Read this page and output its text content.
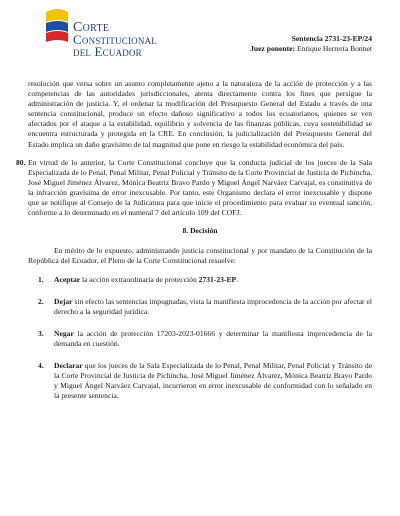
Corte
Constitucional
del Ecuador
Sentencia 2731-23-EP/24
Juez ponente: Enrique Herrería Bonnet

resolución que versa sobre un asunto completamente ajeno a la naturaleza de la acción de protección y a las competencias de las autoridades jurisdiccionales, atenta directamente contra los fines que persigue la administración de justicia. Y, el ordenar la modificación del Presupuesto General del Estado a través de una sentencia constitucional, produce un efecto dañoso significativo a todos los ecuatorianos, quienes se ven afectados por el ataque a la estabilidad, equilibrio y solvencia de las finanzas públicas, cuya sostenibilidad se encuentra estructurada y protegida en la CRE. En conclusión, la judicialización del Presupuesto General del Estado implica un daño gravísimo de tal magnitud que pone en riesgo la estabilidad económica del país.

80. En virtud de lo anterior, la Corte Constitucional concluye que la conducta judicial de los jueces de la Sala Especializada de lo Penal, Penal Militar, Penal Policial y Tránsito de la Corte Provincial de Justicia de Pichincha, José Miguel Jiménez Álvarez, Mónica Beatriz Bravo Pardo y Miguel Ángel Narváez Carvajal, es constitutiva de la infracción gravísima de error inexcusable. Por tanto, este Organismo declara el error inexcusable y dispone que se notifique al Consejo de la Judicatura para que inicie el procedimiento para evaluar su eventual sanción, conforme a lo determinado en el numeral 7 del artículo 109 del COFJ.
8. Decisión

En mérito de lo expuesto, administrando justicia constitucional y por mandato de la Constitución de la República del Ecuador, el Pleno de la Corte Constitucional resuelve:

1. Aceptar la acción extraordinaria de protección 2731-23-EP.
2. Dejar sin efecto las sentencias impugnadas, vista la manifiesta improcedencia de la acción por afectar el derecho a la seguridad jurídica.
3. Negar la acción de protección 17203-2023-01666 y determinar la manifiesta improcedencia de la demanda en cuestión.
4. Declarar que los jueces de la Sala Especializada de lo Penal, Penal Militar, Penal Policial y Tránsito de la Corte Provincial de Justicia de Pichincha, José Miguel Jiménez Álvarez, Mónica Beatriz Bravo Pardo y Miguel Ángel Narváez Carvajal, incurrieron en error inexcusable de conformidad con lo señalado en la presente sentencia.
